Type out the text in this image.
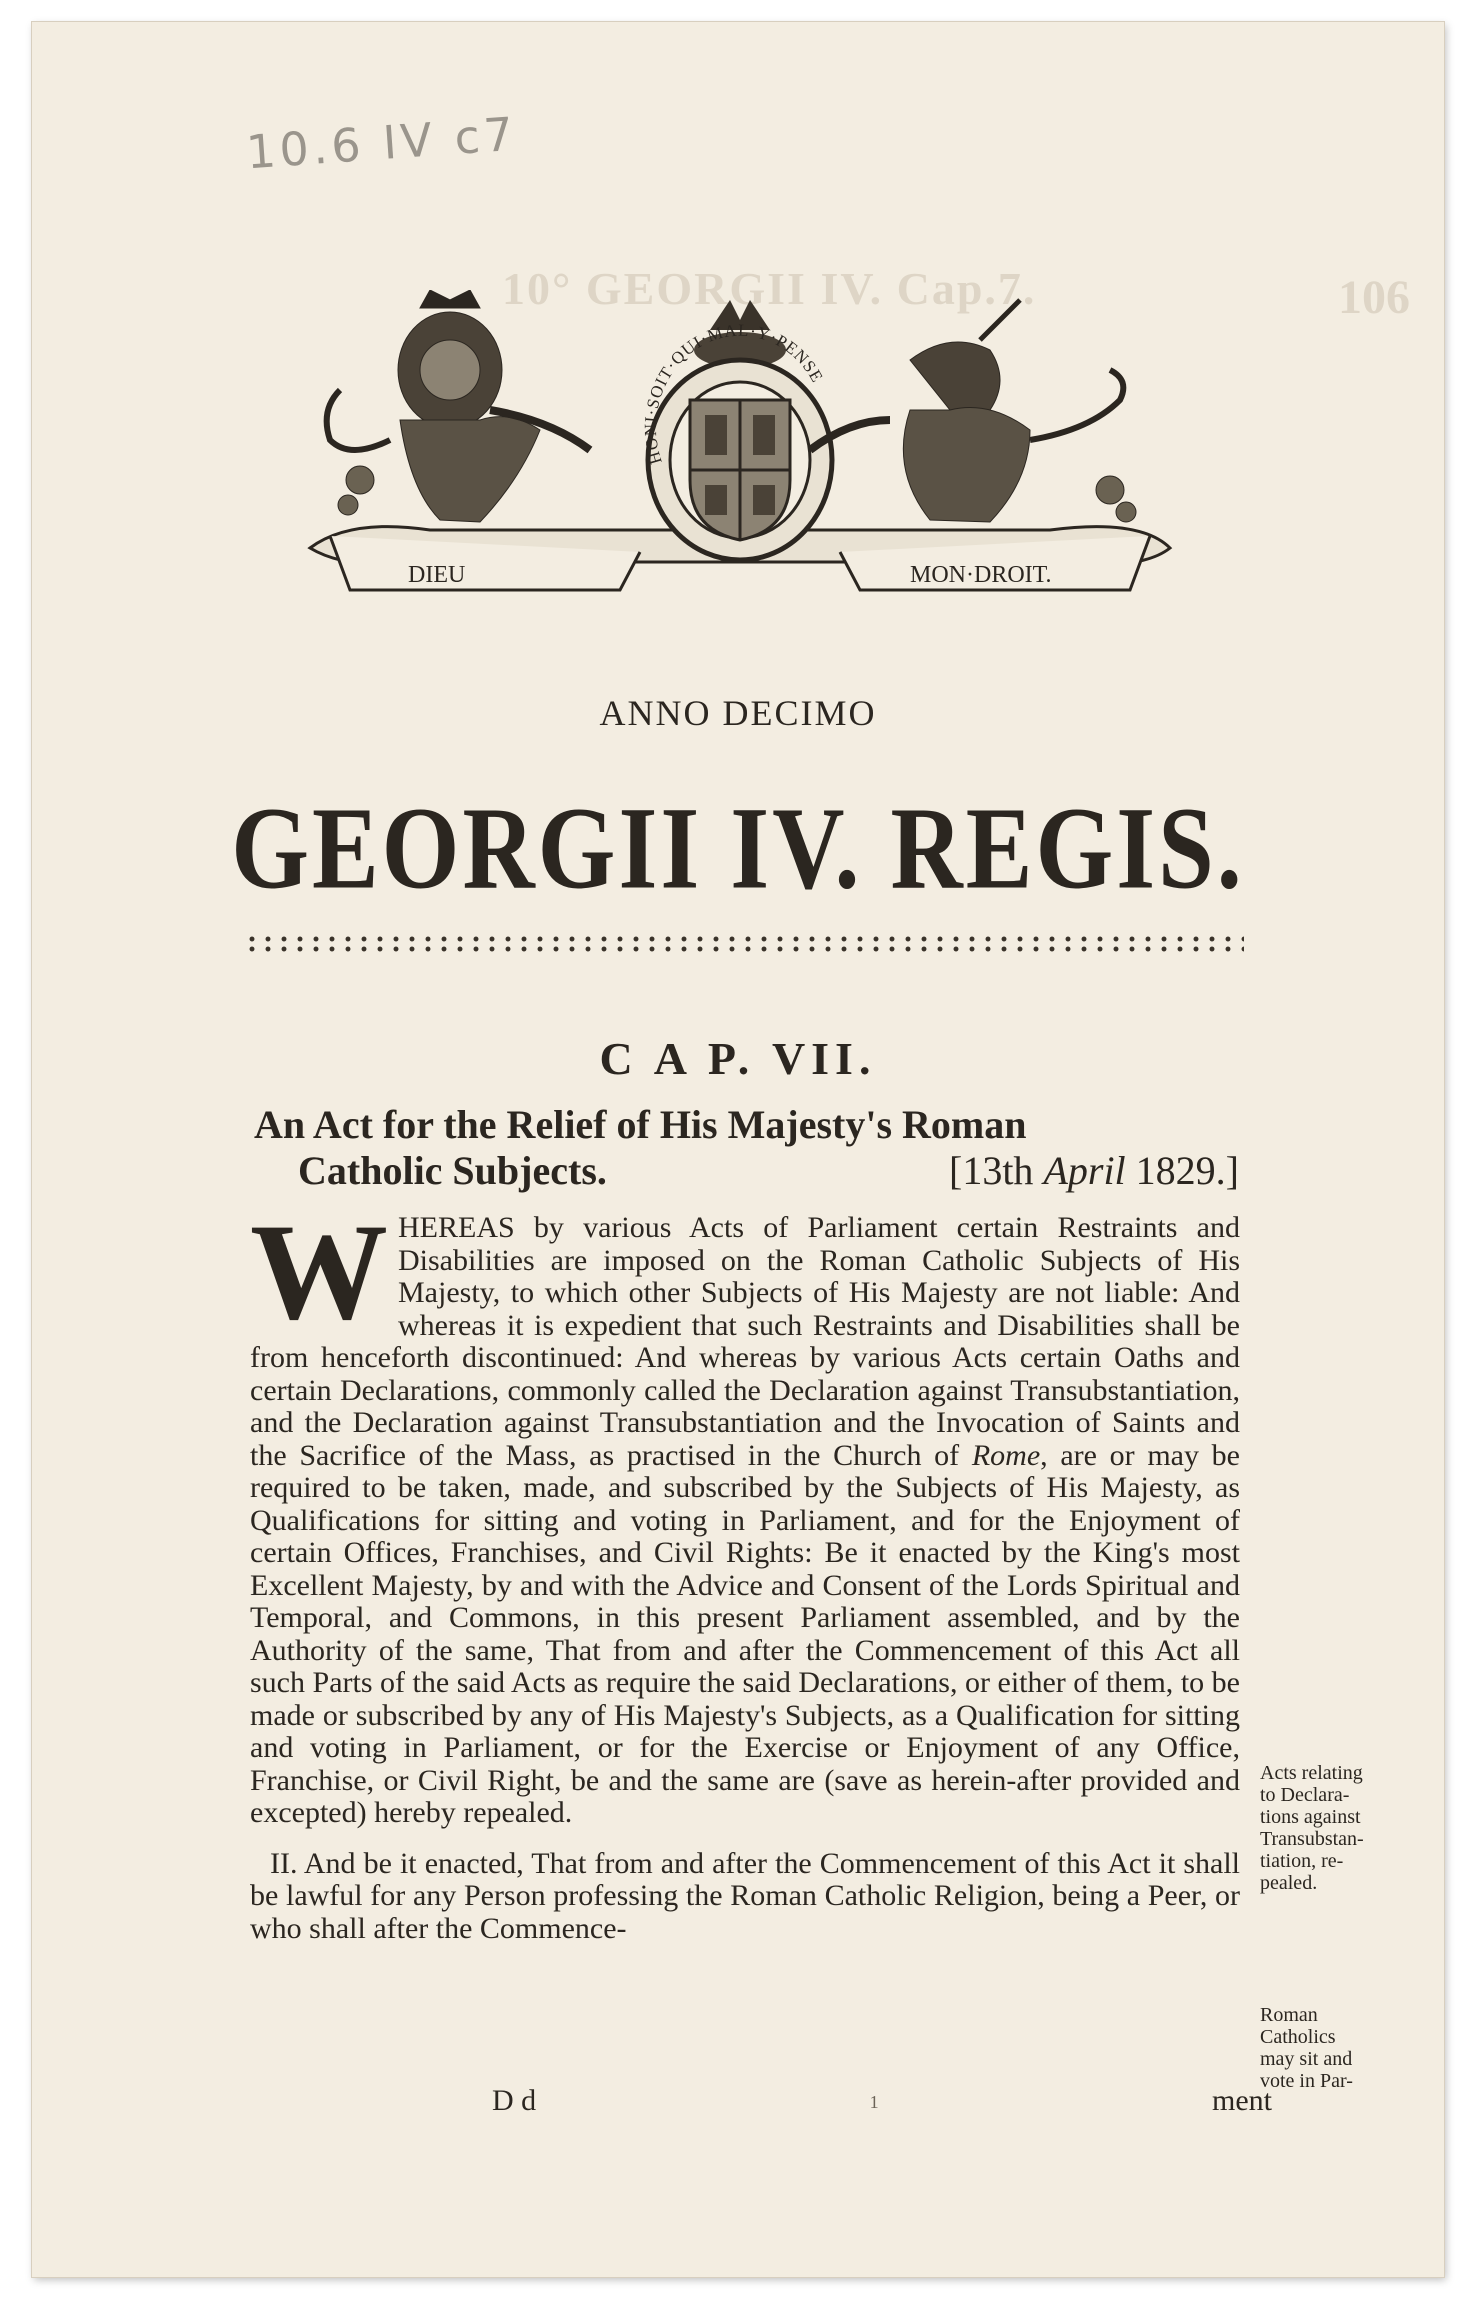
106
10° GEORGII IV. Cap.7.
10.6 IV c7
DIEU	MON·DROIT.
HONI·SOIT·QUI·MAL·Y·PENSE
ANNO DECIMO
GEORGII IV. REGIS.
C A P. VII.
An Act for the Relief of His Majesty's Roman
Catholic Subjects.	[13th April 1829.]

WHEREAS by various Acts of Parliament certain Restraints and Disabilities are imposed on the Roman Catholic Subjects of His Majesty, to which other Subjects of His Majesty are not liable: And whereas it is expedient that such Restraints and Disabilities shall be from henceforth discontinued: And whereas by various Acts certain Oaths and certain Declarations, commonly called the Declaration against Transubstantiation, and the Declaration against Transubstantiation and the Invocation of Saints and the Sacrifice of the Mass, as practised in the Church of Rome, are or may be required to be taken, made, and subscribed by the Subjects of His Majesty, as Qualifications for sitting and voting in Parliament, and for the Enjoyment of certain Offices, Franchises, and Civil Rights: Be it enacted by the King's most Excellent Majesty, by and with the Advice and Consent of the Lords Spiritual and Temporal, and Commons, in this present Parliament assembled, and by the Authority of the same, That from and after the Commencement of this Act all such Parts of the said Acts as require the said Declarations, or either of them, to be made or subscribed by any of His Majesty's Subjects, as a Qualification for sitting and voting in Parliament, or for the Exercise or Enjoyment of any Office, Franchise, or Civil Right, be and the same are (save as herein-after provided and excepted) hereby repealed.

II. And be it enacted, That from and after the Commencement of this Act it shall be lawful for any Person professing the Roman Catholic Religion, being a Peer, or who shall after the Commence-

D d	1	ment
Acts relating
to Declara-
tions against
Transubstan-
tiation, re-
pealed.
Roman
Catholics
may sit and
vote in Par-
